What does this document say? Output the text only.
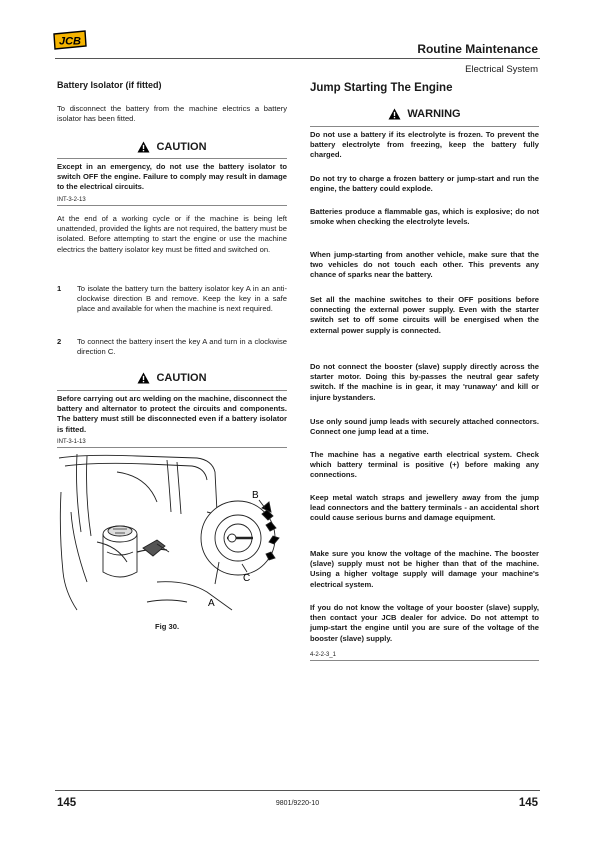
JCB
Routine Maintenance
Electrical System
Battery Isolator (if fitted)
To disconnect the battery from the machine electrics a battery isolator has been fitted.
CAUTION
Except in an emergency, do not use the battery isolator to switch OFF the engine. Failure to comply may result in damage to the electrical circuits.
INT-3-2-13
At the end of a working cycle or if the machine is being left unattended, provided the lights are not required, the battery must be isolated. Before attempting to start the engine or use the machine electrics the battery isolator key must be fitted and switched on.
1	To isolate the battery turn the battery isolator key A in an anti-clockwise direction B and remove. Keep the key in a safe place and available for when the machine is next required.
2	To connect the battery insert the key A and turn in a clockwise direction C.
CAUTION
Before carrying out arc welding on the machine, disconnect the battery and alternator to protect the circuits and components. The battery must still be disconnected even if a battery isolator is fitted.
INT-3-1-13
B
C
A
Fig 30.
Jump Starting The Engine
WARNING
Do not use a battery if its electrolyte is frozen. To prevent the battery electrolyte from freezing, keep the battery fully charged.
Do not try to charge a frozen battery or jump-start and run the engine, the battery could explode.
Batteries produce a flammable gas, which is explosive; do not smoke when checking the electrolyte levels.
When jump-starting from another vehicle, make sure that the two vehicles do not touch each other. This prevents any chance of sparks near the battery.
Set all the machine switches to their OFF positions before connecting the external power supply. Even with the starter switch set to off some circuits will be energised when the external power supply is connected.
Do not connect the booster (slave) supply directly across the starter motor. Doing this by-passes the neutral gear safety switch. If the machine is in gear, it may 'runaway' and kill or injure bystanders.
Use only sound jump leads with securely attached connectors. Connect one jump lead at a time.
The machine has a negative earth electrical system. Check which battery terminal is positive (+) before making any connections.
Keep metal watch straps and jewellery away from the jump lead connectors and the battery terminals - an accidental short could cause serious burns and damage equipment.
Make sure you know the voltage of the machine. The booster (slave) supply must not be higher than that of the machine. Using a higher voltage supply will damage your machine's electrical system.
If you do not know the voltage of your booster (slave) supply, then contact your JCB dealer for advice. Do not attempt to jump-start the engine until you are sure of the voltage of the booster (slave) supply.
4-2-2-3_1
145	9801/9220-10	145
